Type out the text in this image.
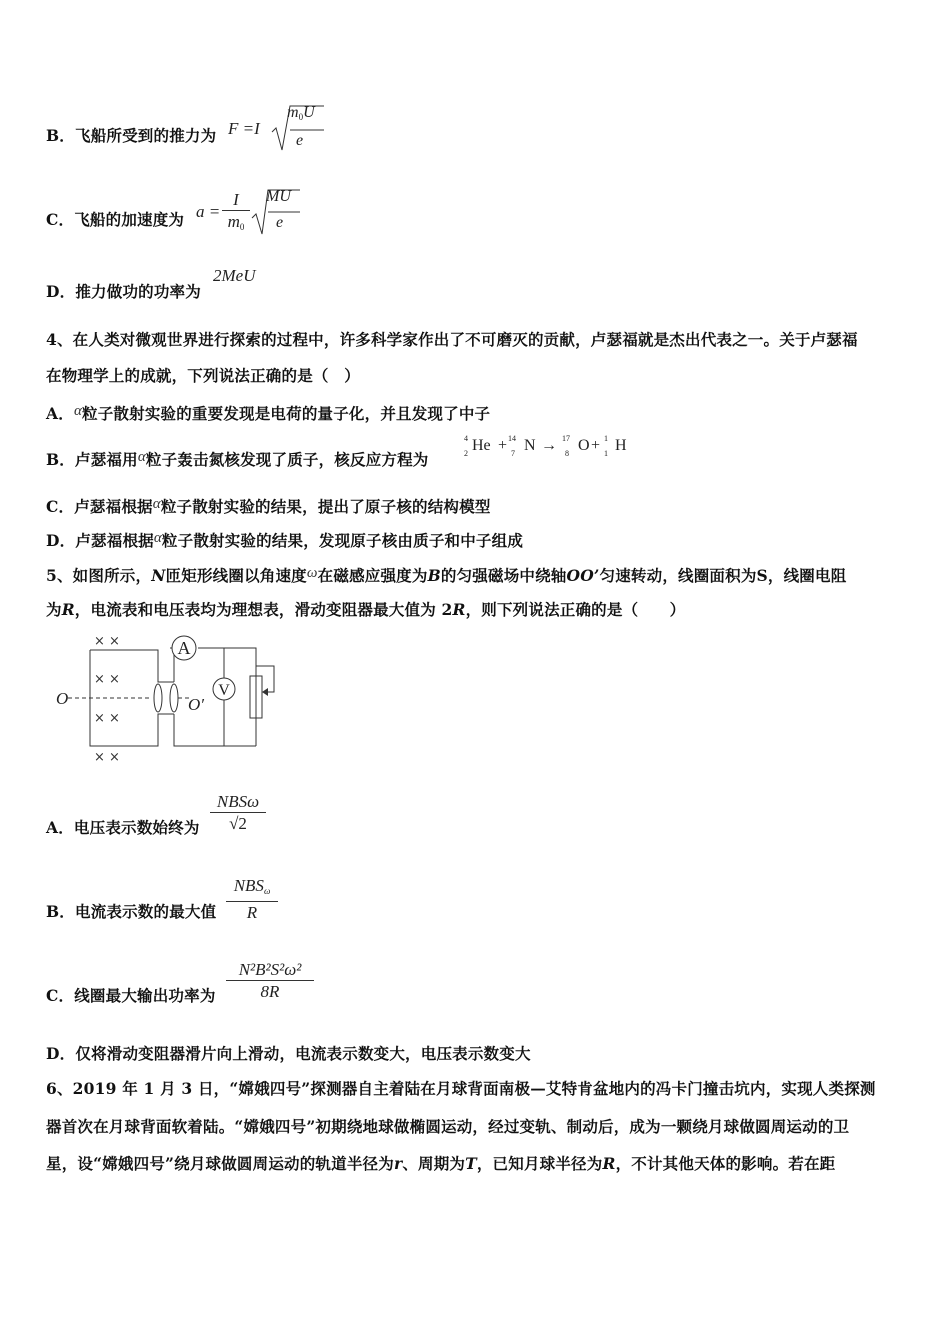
B．飞船所受到的推力为 F =I
$m_0U$
e
C．飞船的加速度为 a =
I
$m_0$
MU
e
D．推力做功的功率为
2MeU
4、在人类对微观世界进行探索的过程中，许多科学家作出了不可磨灭的贡献，卢瑟福就是杰出代表之一。关于卢瑟福
在物理学上的成就，下列说法正确的是（　）
A．α粒子散射实验的重要发现是电荷的量子化，并且发现了中子
B．卢瑟福用α粒子轰击氮核发现了质子，核反应方程为
4
2 He + 14
7 N → 17
8 O + 1
1 H
C．卢瑟福根据α粒子散射实验的结果，提出了原子核的结构模型
D．卢瑟福根据α粒子散射实验的结果，发现原子核由质子和中子组成
5、如图所示，N匝矩形线圈以角速度ω在磁感应强度为B的匀强磁场中绕轴OO’匀速转动，线圈面积为S，线圈电阻
为R，电流表和电压表均为理想表，滑动变阻器最大值为 2R，则下列说法正确的是（　　）
A
V
× ×
× ×
× ×
× ×
O	O′
A．电压表示数始终为
NBSω
√2
B．电流表示数的最大值
$NBS_\omega$
R
C．线圈最大输出功率为
N²B²S²ω²
8R
D．仅将滑动变阻器滑片向上滑动，电流表示数变大，电压表示数变大
6、2019 年 1 月 3 日，“嫦娥四号”探测器自主着陆在月球背面南极—艾特肯盆地内的冯卡门撞击坑内，实现人类探测
器首次在月球背面软着陆。“嫦娥四号”初期绕地球做椭圆运动，经过变轨、制动后，成为一颗绕月球做圆周运动的卫
星，设“嫦娥四号”绕月球做圆周运动的轨道半径为r、周期为T，已知月球半径为R，不计其他天体的影响。若在距
